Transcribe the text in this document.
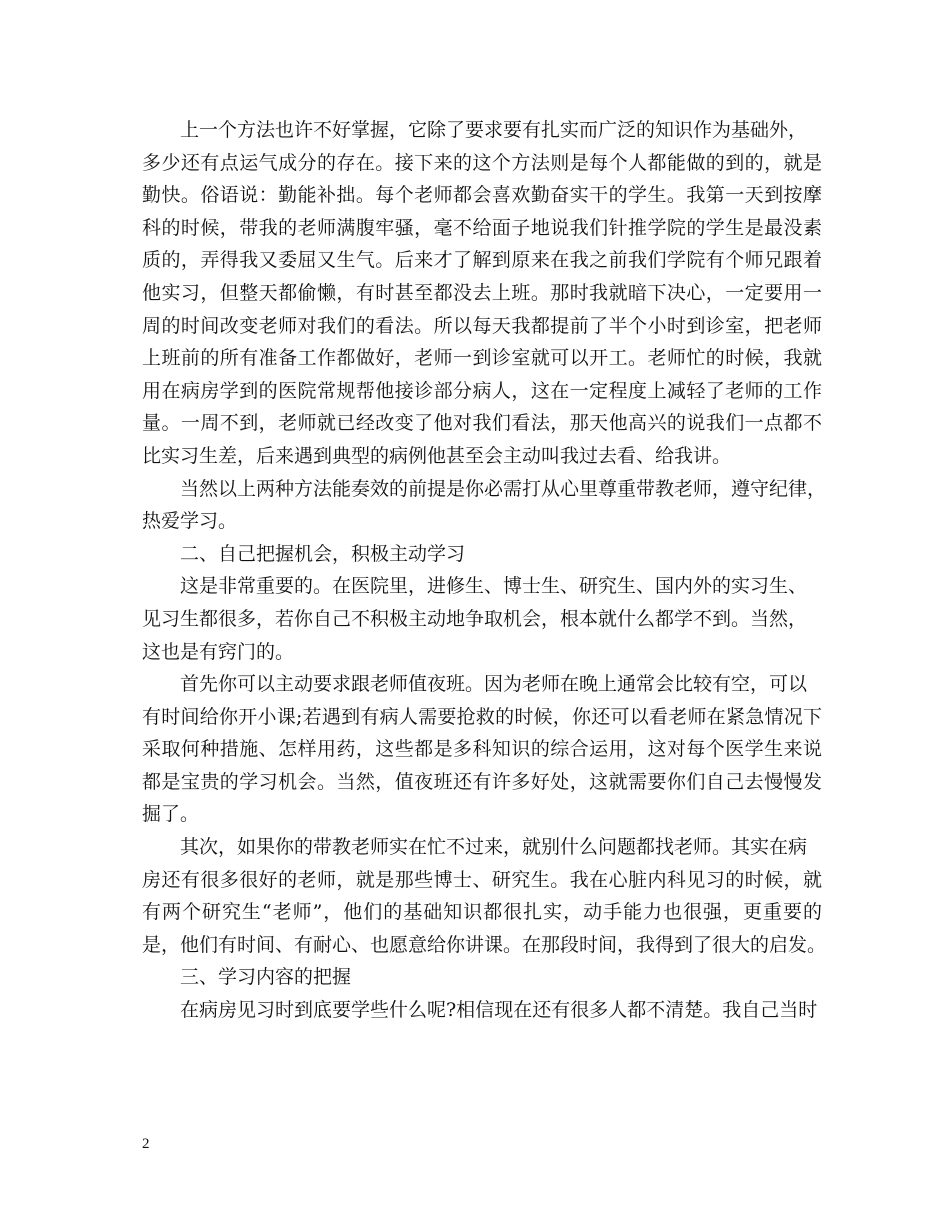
上一个方法也许不好掌握，它除了要求要有扎实而广泛的知识作为基础外，
多少还有点运气成分的存在。接下来的这个方法则是每个人都能做的到的，就是
勤快。俗语说：勤能补拙。每个老师都会喜欢勤奋实干的学生。我第一天到按摩
科的时候，带我的老师满腹牢骚，毫不给面子地说我们针推学院的学生是最没素
质的，弄得我又委屈又生气。后来才了解到原来在我之前我们学院有个师兄跟着
他实习，但整天都偷懒，有时甚至都没去上班。那时我就暗下决心，一定要用一
周的时间改变老师对我们的看法。所以每天我都提前了半个小时到诊室，把老师
上班前的所有准备工作都做好，老师一到诊室就可以开工。老师忙的时候，我就
用在病房学到的医院常规帮他接诊部分病人，这在一定程度上减轻了老师的工作
量。一周不到，老师就已经改变了他对我们看法，那天他高兴的说我们一点都不
比实习生差，后来遇到典型的病例他甚至会主动叫我过去看、给我讲。
当然以上两种方法能奏效的前提是你必需打从心里尊重带教老师，遵守纪律，
热爱学习。
二、自己把握机会，积极主动学习
这是非常重要的。在医院里，进修生、博士生、研究生、国内外的实习生、
见习生都很多，若你自己不积极主动地争取机会，根本就什么都学不到。当然，
这也是有窍门的。
首先你可以主动要求跟老师值夜班。因为老师在晚上通常会比较有空，可以
有时间给你开小课;若遇到有病人需要抢救的时候，你还可以看老师在紧急情况下
采取何种措施、怎样用药，这些都是多科知识的综合运用，这对每个医学生来说
都是宝贵的学习机会。当然，值夜班还有许多好处，这就需要你们自己去慢慢发
掘了。
其次，如果你的带教老师实在忙不过来，就别什么问题都找老师。其实在病
房还有很多很好的老师，就是那些博士、研究生。我在心脏内科见习的时候，就
有两个研究生“老师”，他们的基础知识都很扎实，动手能力也很强，更重要的
是，他们有时间、有耐心、也愿意给你讲课。在那段时间，我得到了很大的启发。
三、学习内容的把握
在病房见习时到底要学些什么呢?相信现在还有很多人都不清楚。我自己当时
2
